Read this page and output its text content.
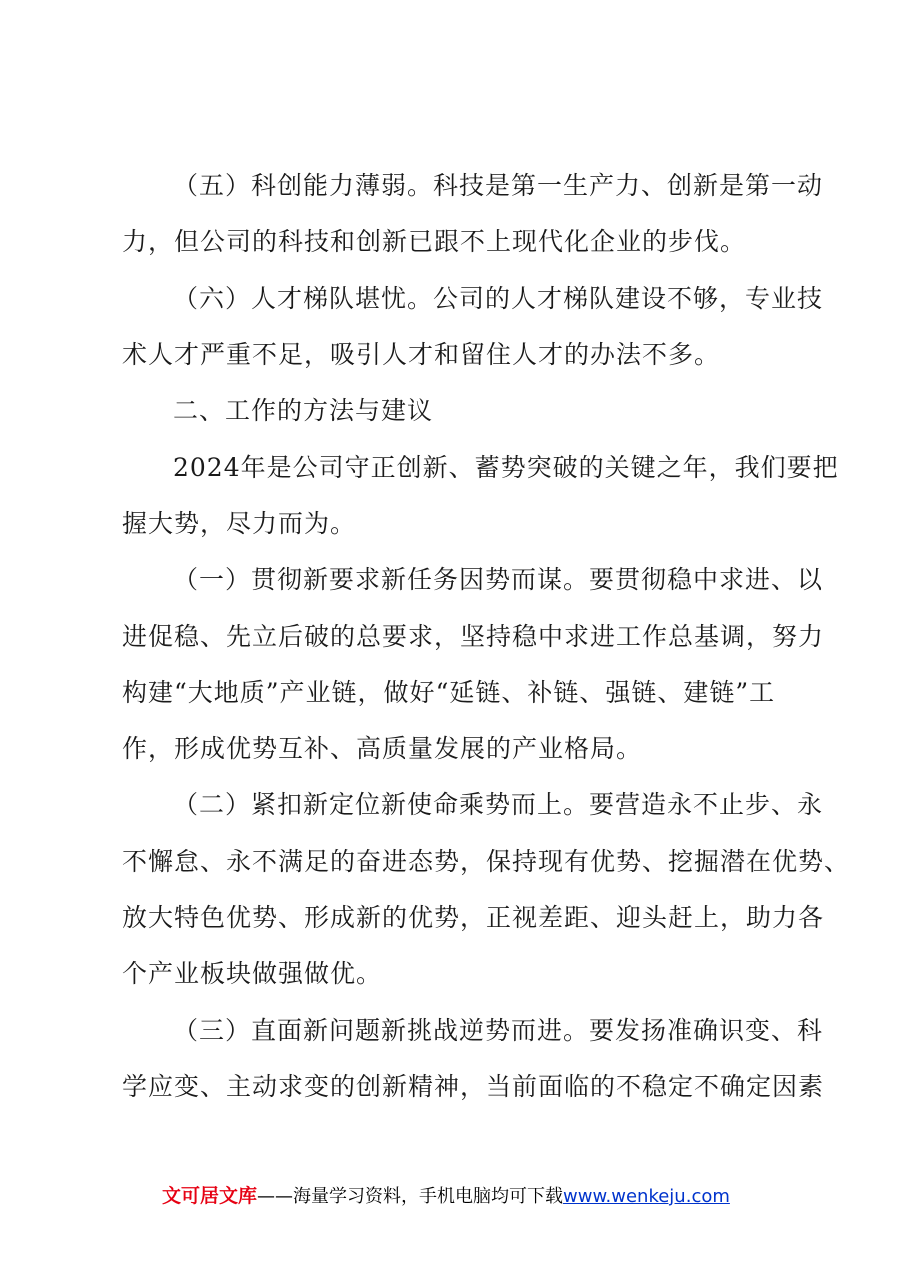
（五）科创能力薄弱。科技是第一生产力、创新是第一动
力，但公司的科技和创新已跟不上现代化企业的步伐。
（六）人才梯队堪忧。公司的人才梯队建设不够，专业技
术人才严重不足，吸引人才和留住人才的办法不多。
二、工作的方法与建议
2024年是公司守正创新、蓄势突破的关键之年，我们要把
握大势，尽力而为。
（一）贯彻新要求新任务因势而谋。要贯彻稳中求进、以
进促稳、先立后破的总要求，坚持稳中求进工作总基调，努力
构建“大地质”产业链，做好“延链、补链、强链、建链”工
作，形成优势互补、高质量发展的产业格局。
（二）紧扣新定位新使命乘势而上。要营造永不止步、永
不懈怠、永不满足的奋进态势，保持现有优势、挖掘潜在优势、
放大特色优势、形成新的优势，正视差距、迎头赶上，助力各
个产业板块做强做优。
（三）直面新问题新挑战逆势而进。要发扬准确识变、科
学应变、主动求变的创新精神，当前面临的不稳定不确定因素
文可居文库——海量学习资料，手机电脑均可下载www.wenkeju.com
